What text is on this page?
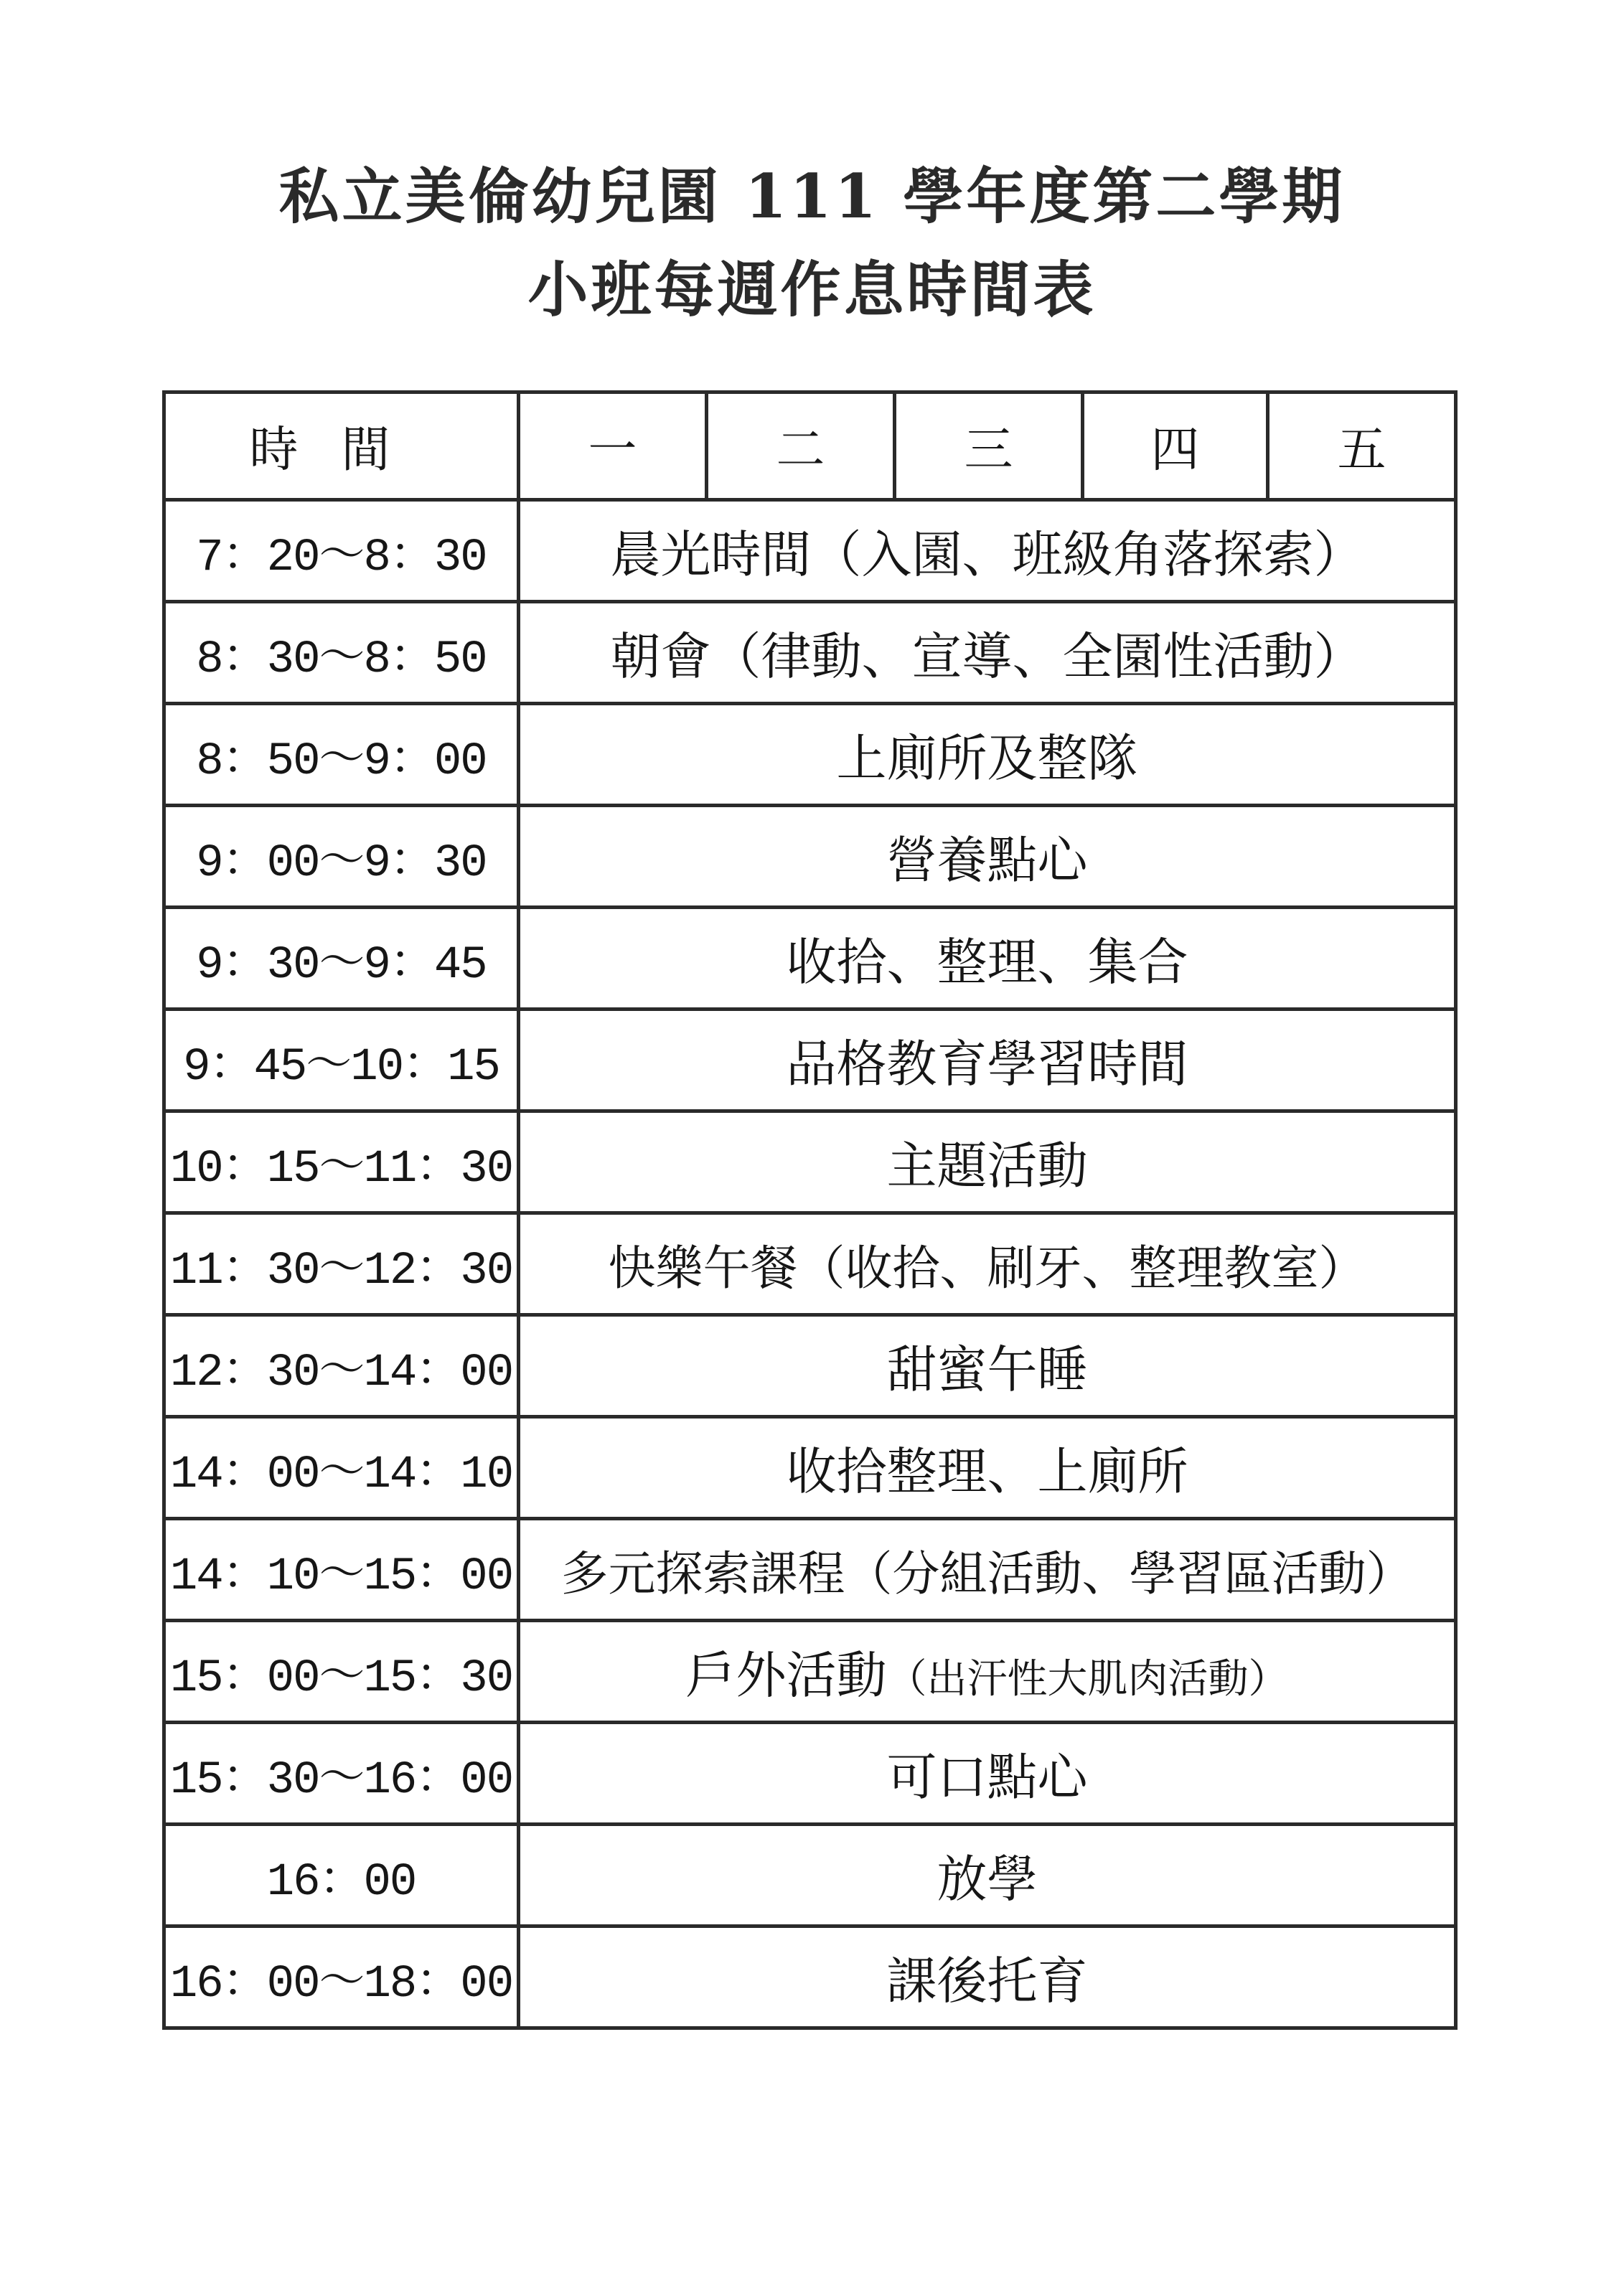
私立美倫幼兒園 111 學年度第二學期
小班每週作息時間表
時間	一	二	三	四	五
7：20～8：30	晨光時間（入園、班級角落探索）				
8：30～8：50	朝會（律動、宣導、全園性活動）				
8：50～9：00	上廁所及整隊				
9：00～9：30	營養點心				
9：30～9：45	收拾、整理、集合				
9：45～10：15	品格教育學習時間				
10：15～11：30	主題活動				
11：30～12：30	快樂午餐（收拾、刷牙、整理教室）				
12：30～14：00	甜蜜午睡				
14：00～14：10	收拾整理、上廁所				
14：10～15：00	多元探索課程（分組活動、學習區活動）				
15：00～15：30	戶外活動（出汗性大肌肉活動）				
15：30～16：00	可口點心				
16：00	放學				
16：00～18：00	課後托育				
